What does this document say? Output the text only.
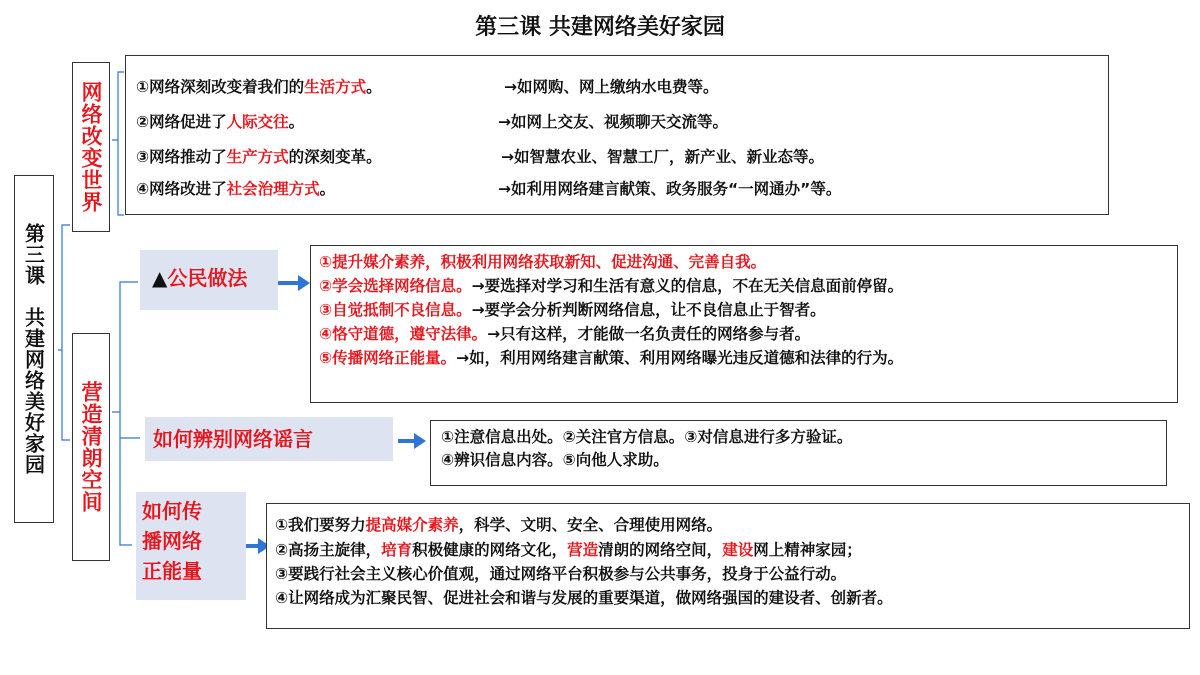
第三课 共建网络美好家园
第三课　共建网络美好家园
网络改变世界 ①网络深刻改变着我们的生活方式。	→如网购、网上缴纳水电费等。
②网络促进了人际交往。	→如网上交友、视频聊天交流等。
③网络推动了生产方式的深刻变革。	→如智慧农业、智慧工厂，新产业、新业态等。
④网络改进了社会治理方式。	→如利用网络建言献策、政务服务“一网通办”等。
营造清朗空间
▲公民做法
①提升媒介素养，积极利用网络获取新知、促进沟通、完善自我。
②学会选择网络信息。→要选择对学习和生活有意义的信息，不在无关信息面前停留。
③自觉抵制不良信息。→要学会分析判断网络信息，让不良信息止于智者。
④恪守道德，遵守法律。→只有这样，才能做一名负责任的网络参与者。
⑤传播网络正能量。→如，利用网络建言献策、利用网络曝光违反道德和法律的行为。
如何辨别网络谣言	①注意信息出处。②关注官方信息。③对信息进行多方验证。
④辨识信息内容。⑤向他人求助。
如何传
播网络
正能量
①我们要努力提高媒介素养，科学、文明、安全、合理使用网络。
②高扬主旋律，培育积极健康的网络文化，营造清朗的网络空间，建设网上精神家园；
③要践行社会主义核心价值观，通过网络平台积极参与公共事务，投身于公益行动。
④让网络成为汇聚民智、促进社会和谐与发展的重要渠道，做网络强国的建设者、创新者。
